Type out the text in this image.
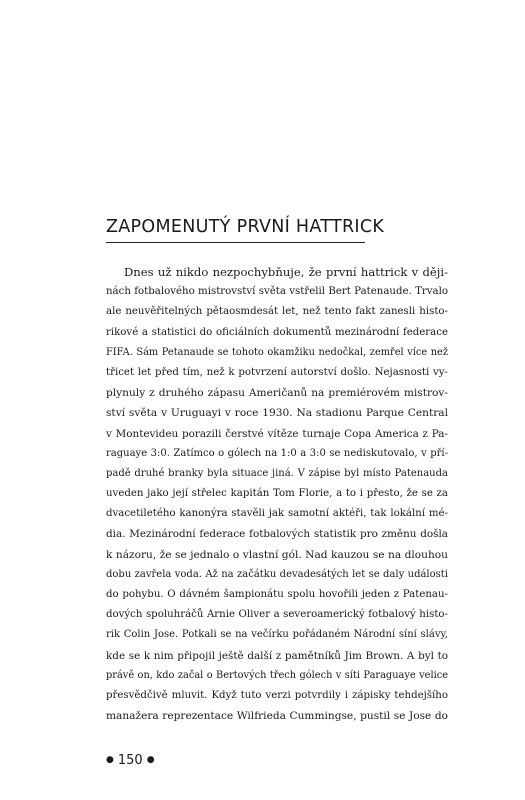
ZAPOMENUTÝ PRVNÍ HATTRICK
Dnes už nikdo nezpochybňuje, že první hattrick v ději-
nách fotbalového mistrovství světa vstřelil Bert Patenaude. Trvalo
ale neuvěřitelných pětaosmdesát let, než tento fakt zanesli histo-
rikové a statistici do oficiálních dokumentů mezinárodní federace
FIFA. Sám Petanaude se tohoto okamžiku nedočkal, zemřel více než
třicet let před tím, než k potvrzení autorství došlo. Nejasnosti vy-
plynuly z druhého zápasu Američanů na premiérovém mistrov-
ství světa v Uruguayi v roce 1930. Na stadionu Parque Central
v Montevideu porazili čerstvé vítěze turnaje Copa America z Pa-
raguaye 3:0. Zatímco o gólech na 1:0 a 3:0 se nediskutovalo, v pří-
padě druhé branky byla situace jiná. V zápise byl místo Patenauda
uveden jako její střelec kapitán Tom Florie, a to i přesto, že se za
dvacetiletého kanonýra stavěli jak samotní aktéři, tak lokální mé-
dia. Mezinárodní federace fotbalových statistik pro změnu došla
k názoru, že se jednalo o vlastní gól. Nad kauzou se na dlouhou
dobu zavřela voda. Až na začátku devadesátých let se daly události
do pohybu. O dávném šampionátu spolu hovořili jeden z Patenau-
dových spoluhráčů Arnie Oliver a severoamerický fotbalový histo-
rik Colin Jose. Potkali se na večírku pořádaném Národní síní slávy,
kde se k nim připojil ještě další z pamětníků Jim Brown. A byl to
právě on, kdo začal o Bertových třech gólech v síti Paraguaye velice
přesvědčivě mluvit. Když tuto verzi potvrdily i zápisky tehdejšího
manažera reprezentace Wilfrieda Cummingse, pustil se Jose do
● 150 ●
